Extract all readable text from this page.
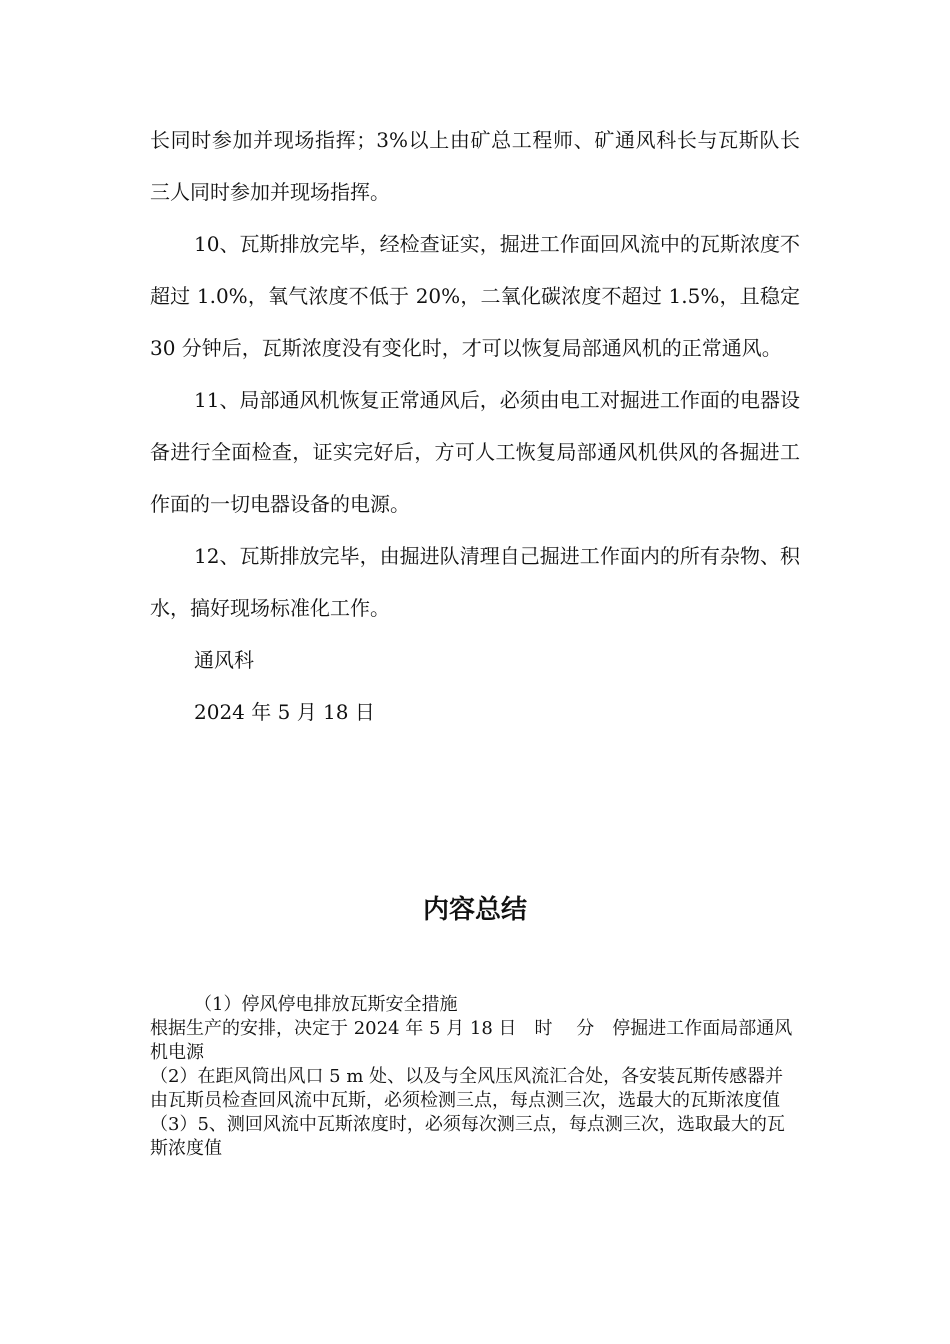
长同时参加并现场指挥；3%以上由矿总工程师、矿通风科长与瓦斯队长三人同时参加并现场指挥。

10、瓦斯排放完毕，经检查证实，掘进工作面回风流中的瓦斯浓度不超过 1.0%，氧气浓度不低于 20%，二氧化碳浓度不超过 1.5%，且稳定 30 分钟后，瓦斯浓度没有变化时，才可以恢复局部通风机的正常通风。

11、局部通风机恢复正常通风后，必须由电工对掘进工作面的电器设备进行全面检查，证实完好后，方可人工恢复局部通风机供风的各掘进工作面的一切电器设备的电源。

12、瓦斯排放完毕，由掘进队清理自己掘进工作面内的所有杂物、积水，搞好现场标准化工作。

通风科

2024 年 5 月 18 日

内容总结

（1）停风停电排放瓦斯安全措施

根据生产的安排，决定于 2024 年 5 月 18 日　时　 分　停掘进工作面局部通风机电源

（2）在距风筒出风口 5 m 处、以及与全风压风流汇合处，各安装瓦斯传感器并由瓦斯员检查回风流中瓦斯，必须检测三点，每点测三次，选最大的瓦斯浓度值

（3）5、测回风流中瓦斯浓度时，必须每次测三点，每点测三次，选取最大的瓦斯浓度值
